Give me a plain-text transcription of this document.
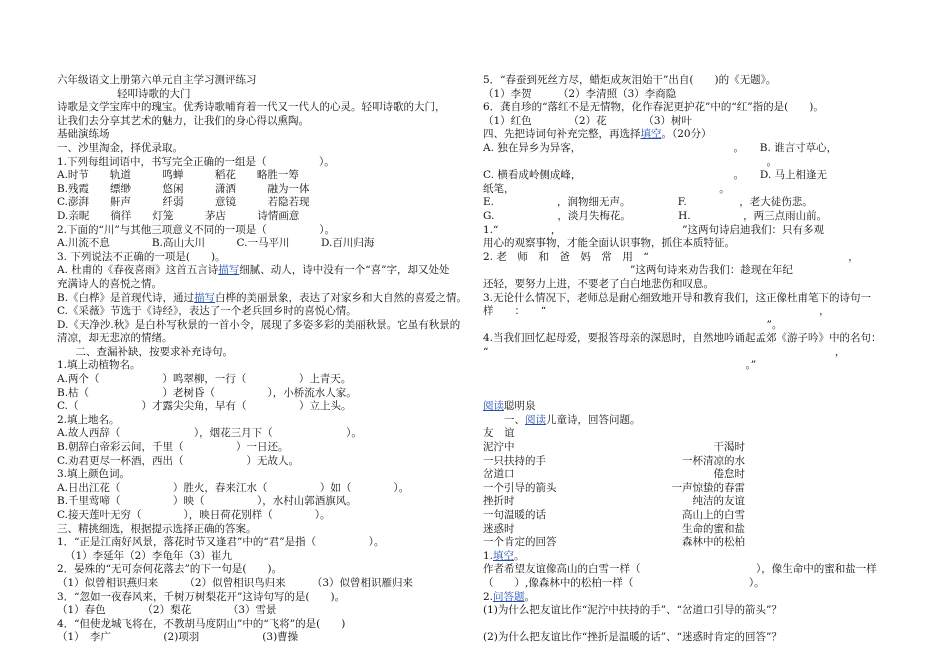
六年级语文上册第六单元自主学习测评练习
轻叩诗歌的大门
诗歌是文学宝库中的瑰宝。优秀诗歌哺育着一代又一代人的心灵。轻叩诗歌的大门，
让我们去分享其艺术的魅力，让我们的身心得以熏陶。
基础演练场
一、沙里淘金，择优录取。
1.下列每组词语中，书写完全正确的一组是（　　　　　）。
A.时节　　轨道　　　鸣蝉　　　稻花　　略胜一筹
B.残霞　　缥缈　　　悠闲　　　潇洒　　　融为一体
C.澎湃　　鼾声　　　纤弱　　　意镜　　　若隐若现
D.亲昵　　徜徉　　灯笼　　　茅店　　　诗情画意
2.下面的“川”与其他三项意义不同的一项是（　　　　　）。
A.川流不息　　　　B.高山大川　　　C.一马平川　　　D.百川归海
3. 下列说法不正确的一项是(　　)。
A. 杜甫的《春夜喜雨》这首五言诗描写细腻、动人，诗中没有一个“喜”字，却又处处
充满诗人的喜悦之情。
B.《白桦》是首现代诗，通过描写白桦的美丽景象，表达了对家乡和大自然的喜爱之情。
C.《采薇》节选于《诗经》，表达了一个老兵回乡时的喜悦心情。
D.《天净沙.秋》是白朴写秋景的一首小令，展现了多姿多彩的美丽秋景。它虽有秋景的
清凉，却无悲凉的情绪。
　二、查漏补缺，按要求补充诗句。
1.填上动植物名。
A.两个（　　　　　　）鸣翠柳，一行（　　　　　）上青天。
B.枯（　　　　　　　）老树昏（　　　　　），小桥流水人家。
C.（　　　　　　）才露尖尖角，早有（　　　　　）立上头。
2.填上地名。
A.故人西辞（　　　　　　　），烟花三月下（　　　　　　　）。
B.朝辞白帝彩云间，千里（　　　　　）一日还。
C.劝君更尽一杯酒，西出（　　　　　　）无故人。
3.填上颜色词。
A.日出江花（　　　　　）胜火，春来江水（　　　　　）如（　　　　）。
B.千里莺啼（　　　　　）映（　　　　　），水村山郭酒旗风。
C.接天莲叶无穷（　　　　），映日荷花别样（　　　　）。
三、精挑细选，根据提示选择正确的答案。
1．“正是江南好风景，落花时节又逢君”中的“君”是指（　　　　　）。
（1）李延年（2）李龟年（3）崔九
2．晏殊的“无可奈何花落去”的下一句是(　　)。
（1）似曾相识燕归来　　　（2）似曾相识鸟归来　　　（3）似曾相识雁归来
3．“忽如一夜春风来，千树万树梨花开”这诗句写的是(　　)。
（1）春色　　　　（2）梨花　　　　（3）雪景
4．“但使龙城飞将在，不教胡马度阴山”中的“飞将”的是(　　)
（1）　李广　　　　　(2)项羽　　　　　　(3)曹操
5．“春蚕到死丝方尽，蜡炬成灰泪始干”出自(　　)的《无题》。
（1）李贺　　　（2）李清照（3）李商隐
6．龚自珍的“落红不是无情物，化作春泥更护花”中的“红”指的是(　　)。
（1）红色　　　　（2）花　　　　（3）树叶
四、先把诗词句补充完整，再选择填空。（20分）
A. 独在异乡为异客，　　　　　　　　　　　　　　　。　　B. 谁言寸草心，
　　　　　　　　　　　　　　　　　　　　　　　　　　　。
C. 横看成岭侧成峰，　　　　　　　　　　　　　　　。　　D. 马上相逢无
纸笔，　　　　　　　　　　　　　　　　　　　　。
E.　　　　　　，润物细无声。　　　　　F.　　　　　，老大徒伤悲。
G.　　　　　　，淡月失梅花。　　　　　H.　　　　　，两三点雨山前。
1.“　　　　　，　　　　　　　　　　　　”这两句诗启迪我们：只有多观
用心的观察事物，才能全面认识事物，抓住本质特征。
2. 老　师　和　爸　妈　常　用　“　　　　　　　　　　　　　　　　　　　，
　　　　　　　　　　　　　　”这两句诗来劝告我们：趁现在年纪
还轻，要努力上进，不要老了白白地悲伤和叹息。
3.无论什么情况下，老师总是耐心细致地开导和教育我们，这正像杜甫笔下的诗句一
样　　：　　“　　　　　　　　　　　　　　　　　　　　　　　　　　，
　　　　　　　　　　　　　　　　　　　　　　　　　　　”。
4.当我们回忆起母爱，要报答母亲的深恩时，自然地吟诵起孟郊《游子吟》中的名句：
“　　　　　　　　　　　　　　　　　　　　　　　　　　　　　　　　　，
　　　　　　　　　　　　　　　　　　　　　　　　　。”
阅读聪明泉
　　一、阅读儿童诗，回答问题。
友　谊
泥泞中	干渴时
一只扶持的手	一杯清凉的水
岔道口	倦怠时
一个引导的箭头	一声惊蛰的春雷
挫折时	纯洁的友谊
一句温暖的话	高山上的白雪
迷惑时	生命的蜜和盐
一个肯定的回答	森林中的松柏
1.填空。
作者希望友谊像高山的白雪一样（　　　　　　　　　　　），像生命中的蜜和盐一样
（　　）,像森林中的松柏一样（　　　　　　　　　　　）。
2.问答题。
(1)为什么把友谊比作“泥泞中扶持的手”、“岔道口引导的箭头”？
(2)为什么把友谊比作“挫折是温暖的话”、“迷惑时肯定的回答”？
